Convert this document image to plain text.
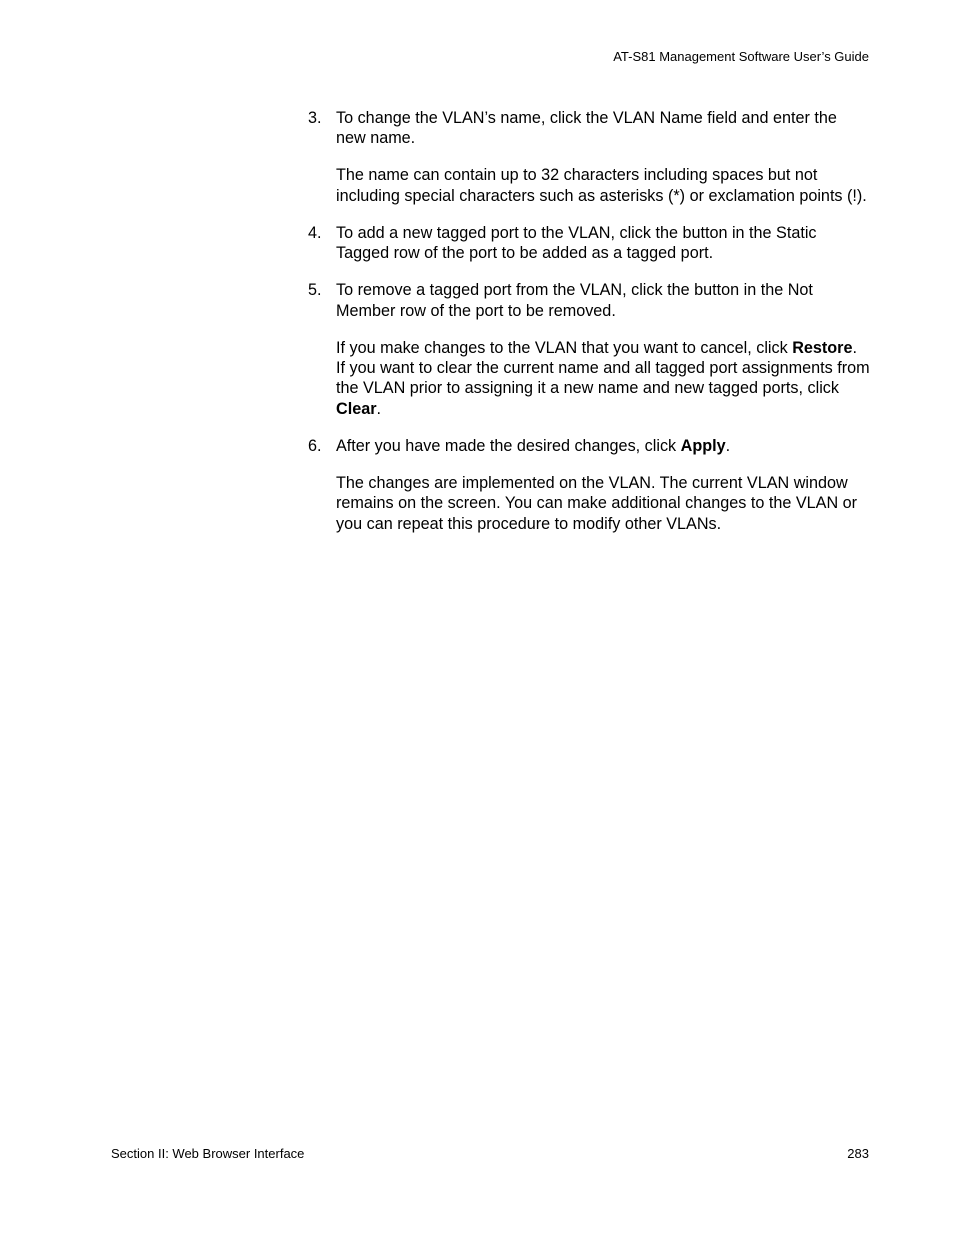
AT-S81 Management Software User’s Guide
3. To change the VLAN’s name, click the VLAN Name field and enter the new name.

The name can contain up to 32 characters including spaces but not including special characters such as asterisks (*) or exclamation points (!).

4. To add a new tagged port to the VLAN, click the button in the Static Tagged row of the port to be added as a tagged port.
5. To remove a tagged port from the VLAN, click the button in the Not Member row of the port to be removed.

If you make changes to the VLAN that you want to cancel, click Restore. If you want to clear the current name and all tagged port assignments from the VLAN prior to assigning it a new name and new tagged ports, click Clear.

6. After you have made the desired changes, click Apply.

The changes are implemented on the VLAN. The current VLAN window remains on the screen. You can make additional changes to the VLAN or you can repeat this procedure to modify other VLANs.

Section II: Web Browser Interface	283
